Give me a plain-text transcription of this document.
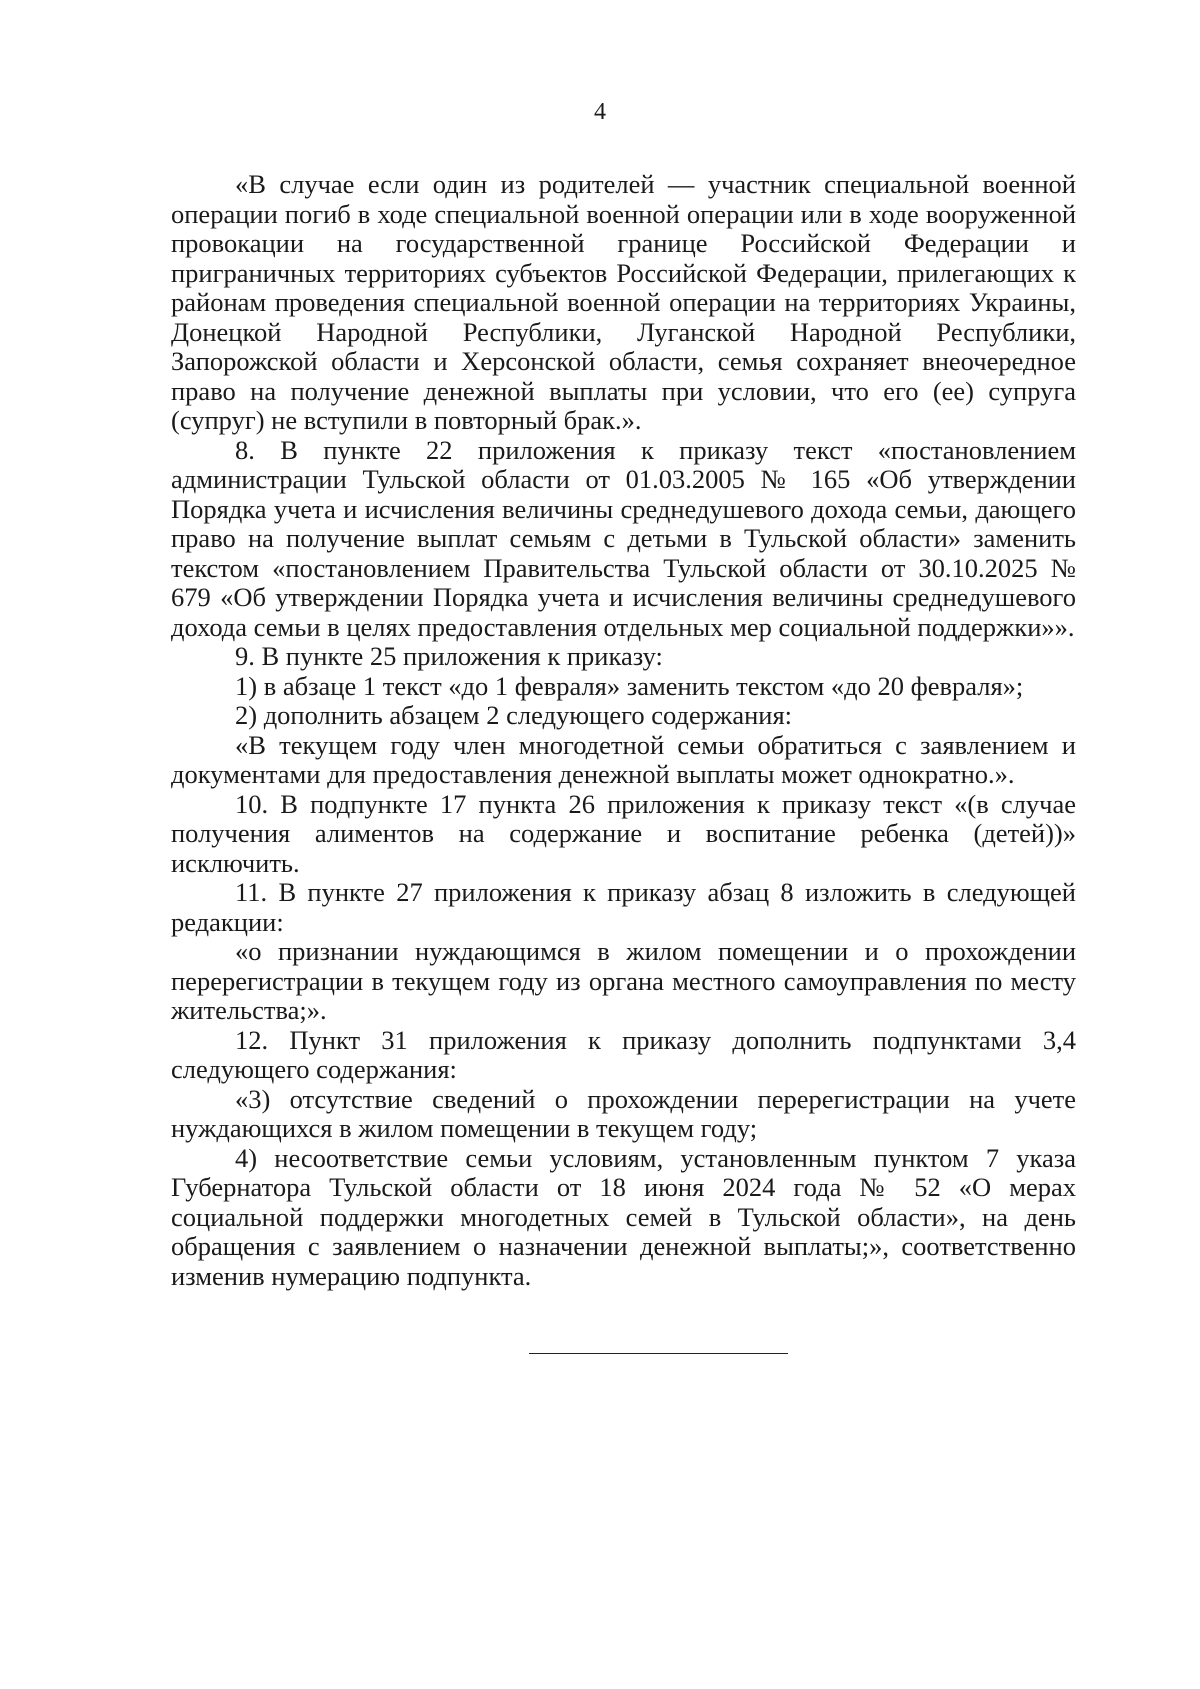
4

«В случае если один из родителей — участник специальной военной операции погиб в ходе специальной военной операции или в ходе вооруженной провокации на государственной границе Российской Федерации и приграничных территориях субъектов Российской Федерации, прилегающих к районам проведения специальной военной операции на территориях Украины, Донецкой Народной Республики, Луганской Народной Республики, Запорожской области и Херсонской области, семья сохраняет внеочередное право на получение денежной выплаты при условии, что его (ее) супруга (супруг) не вступили в повторный брак.».

8. В пункте 22 приложения к приказу текст «постановлением администрации Тульской области от 01.03.2005 № 165 «Об утверждении Порядка учета и исчисления величины среднедушевого дохода семьи, дающего право на получение выплат семьям с детьми в Тульской области» заменить текстом «постановлением Правительства Тульской области от 30.10.2025 № 679 «Об утверждении Порядка учета и исчисления величины среднедушевого дохода семьи в целях предоставления отдельных мер социальной поддержки»».

9. В пункте 25 приложения к приказу:

1) в абзаце 1 текст «до 1 февраля» заменить текстом «до 20 февраля»;

2) дополнить абзацем 2 следующего содержания:

«В текущем году член многодетной семьи обратиться с заявлением и документами для предоставления денежной выплаты может однократно.».

10. В подпункте 17 пункта 26 приложения к приказу текст «(в случае получения алиментов на содержание и воспитание ребенка (детей))» исключить.

11. В пункте 27 приложения к приказу абзац 8 изложить в следующей редакции:

«о признании нуждающимся в жилом помещении и о прохождении перерегистрации в текущем году из органа местного самоуправления по месту жительства;».

12. Пункт 31 приложения к приказу дополнить подпунктами 3,4 следующего содержания:

«3) отсутствие сведений о прохождении перерегистрации на учете нуждающихся в жилом помещении в текущем году;

4) несоответствие семьи условиям, установленным пунктом 7 указа Губернатора Тульской области от 18 июня 2024 года № 52 «О мерах социальной поддержки многодетных семей в Тульской области», на день обращения с заявлением о назначении денежной выплаты;», соответственно изменив нумерацию подпункта.
